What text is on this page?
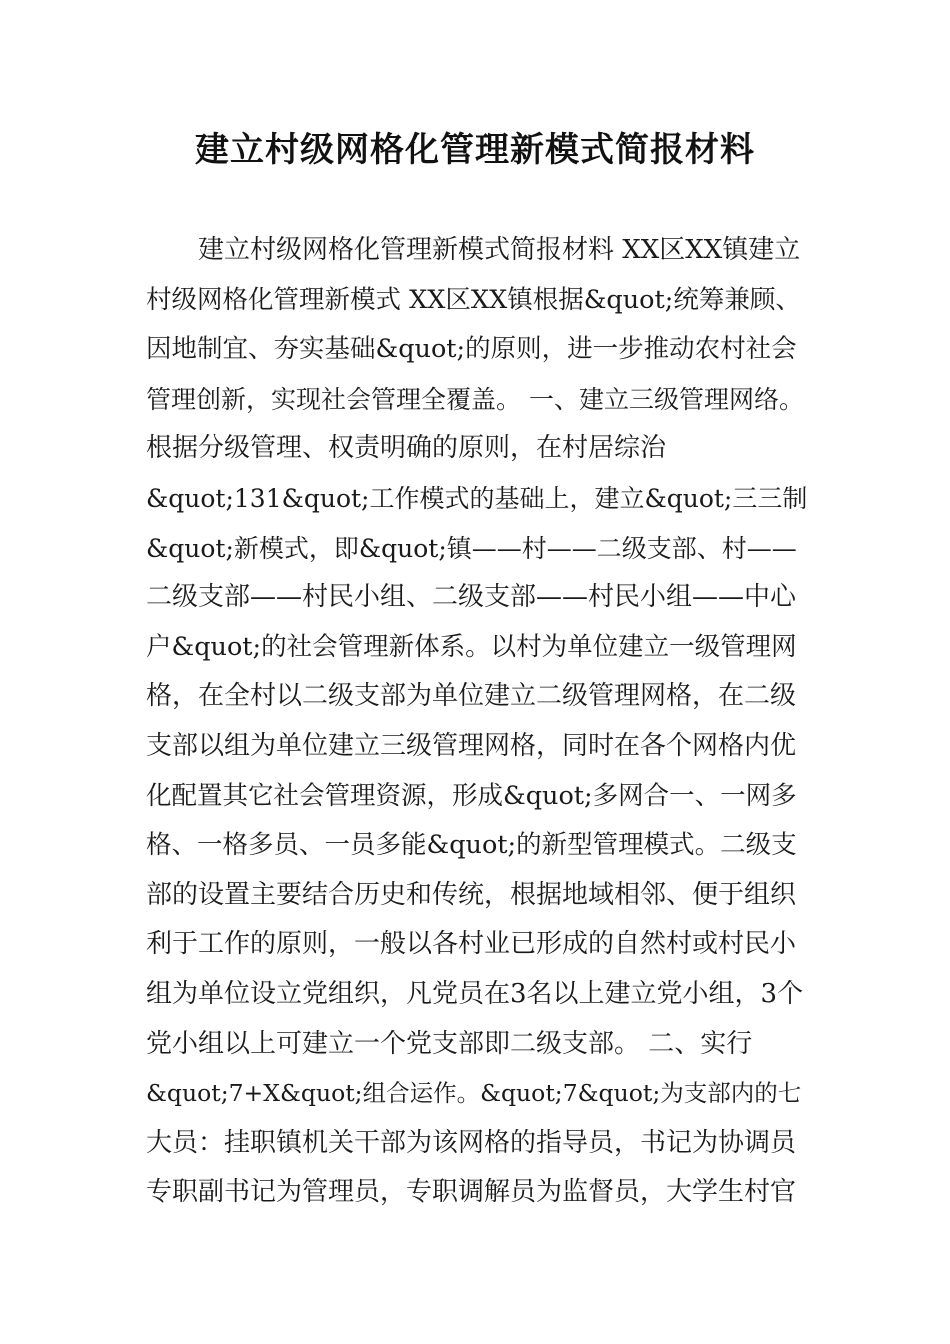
建立村级网格化管理新模式简报材料
建立村级网格化管理新模式简报材料 XX区XX镇建立
村级网格化管理新模式 XX区XX镇根据&quot;统筹兼顾、
因地制宜、夯实基础&quot;的原则，进一步推动农村社会
管理创新，实现社会管理全覆盖。 一、建立三级管理网络。
根据分级管理、权责明确的原则，在村居综治
&quot;131&quot;工作模式的基础上，建立&quot;三三制
&quot;新模式，即&quot;镇——村——二级支部、村——
二级支部——村民小组、二级支部——村民小组——中心
户&quot;的社会管理新体系。以村为单位建立一级管理网
格，在全村以二级支部为单位建立二级管理网格，在二级
支部以组为单位建立三级管理网格，同时在各个网格内优
化配置其它社会管理资源，形成&quot;多网合一、一网多
格、一格多员、一员多能&quot;的新型管理模式。二级支
部的设置主要结合历史和传统，根据地域相邻、便于组织
利于工作的原则，一般以各村业已形成的自然村或村民小
组为单位设立党组织，凡党员在3名以上建立党小组，3个
党小组以上可建立一个党支部即二级支部。 二、实行
&quot;7+X&quot;组合运作。&quot;7&quot;为支部内的七
大员：挂职镇机关干部为该网格的指导员，书记为协调员
专职副书记为管理员，专职调解员为监督员，大学生村官
